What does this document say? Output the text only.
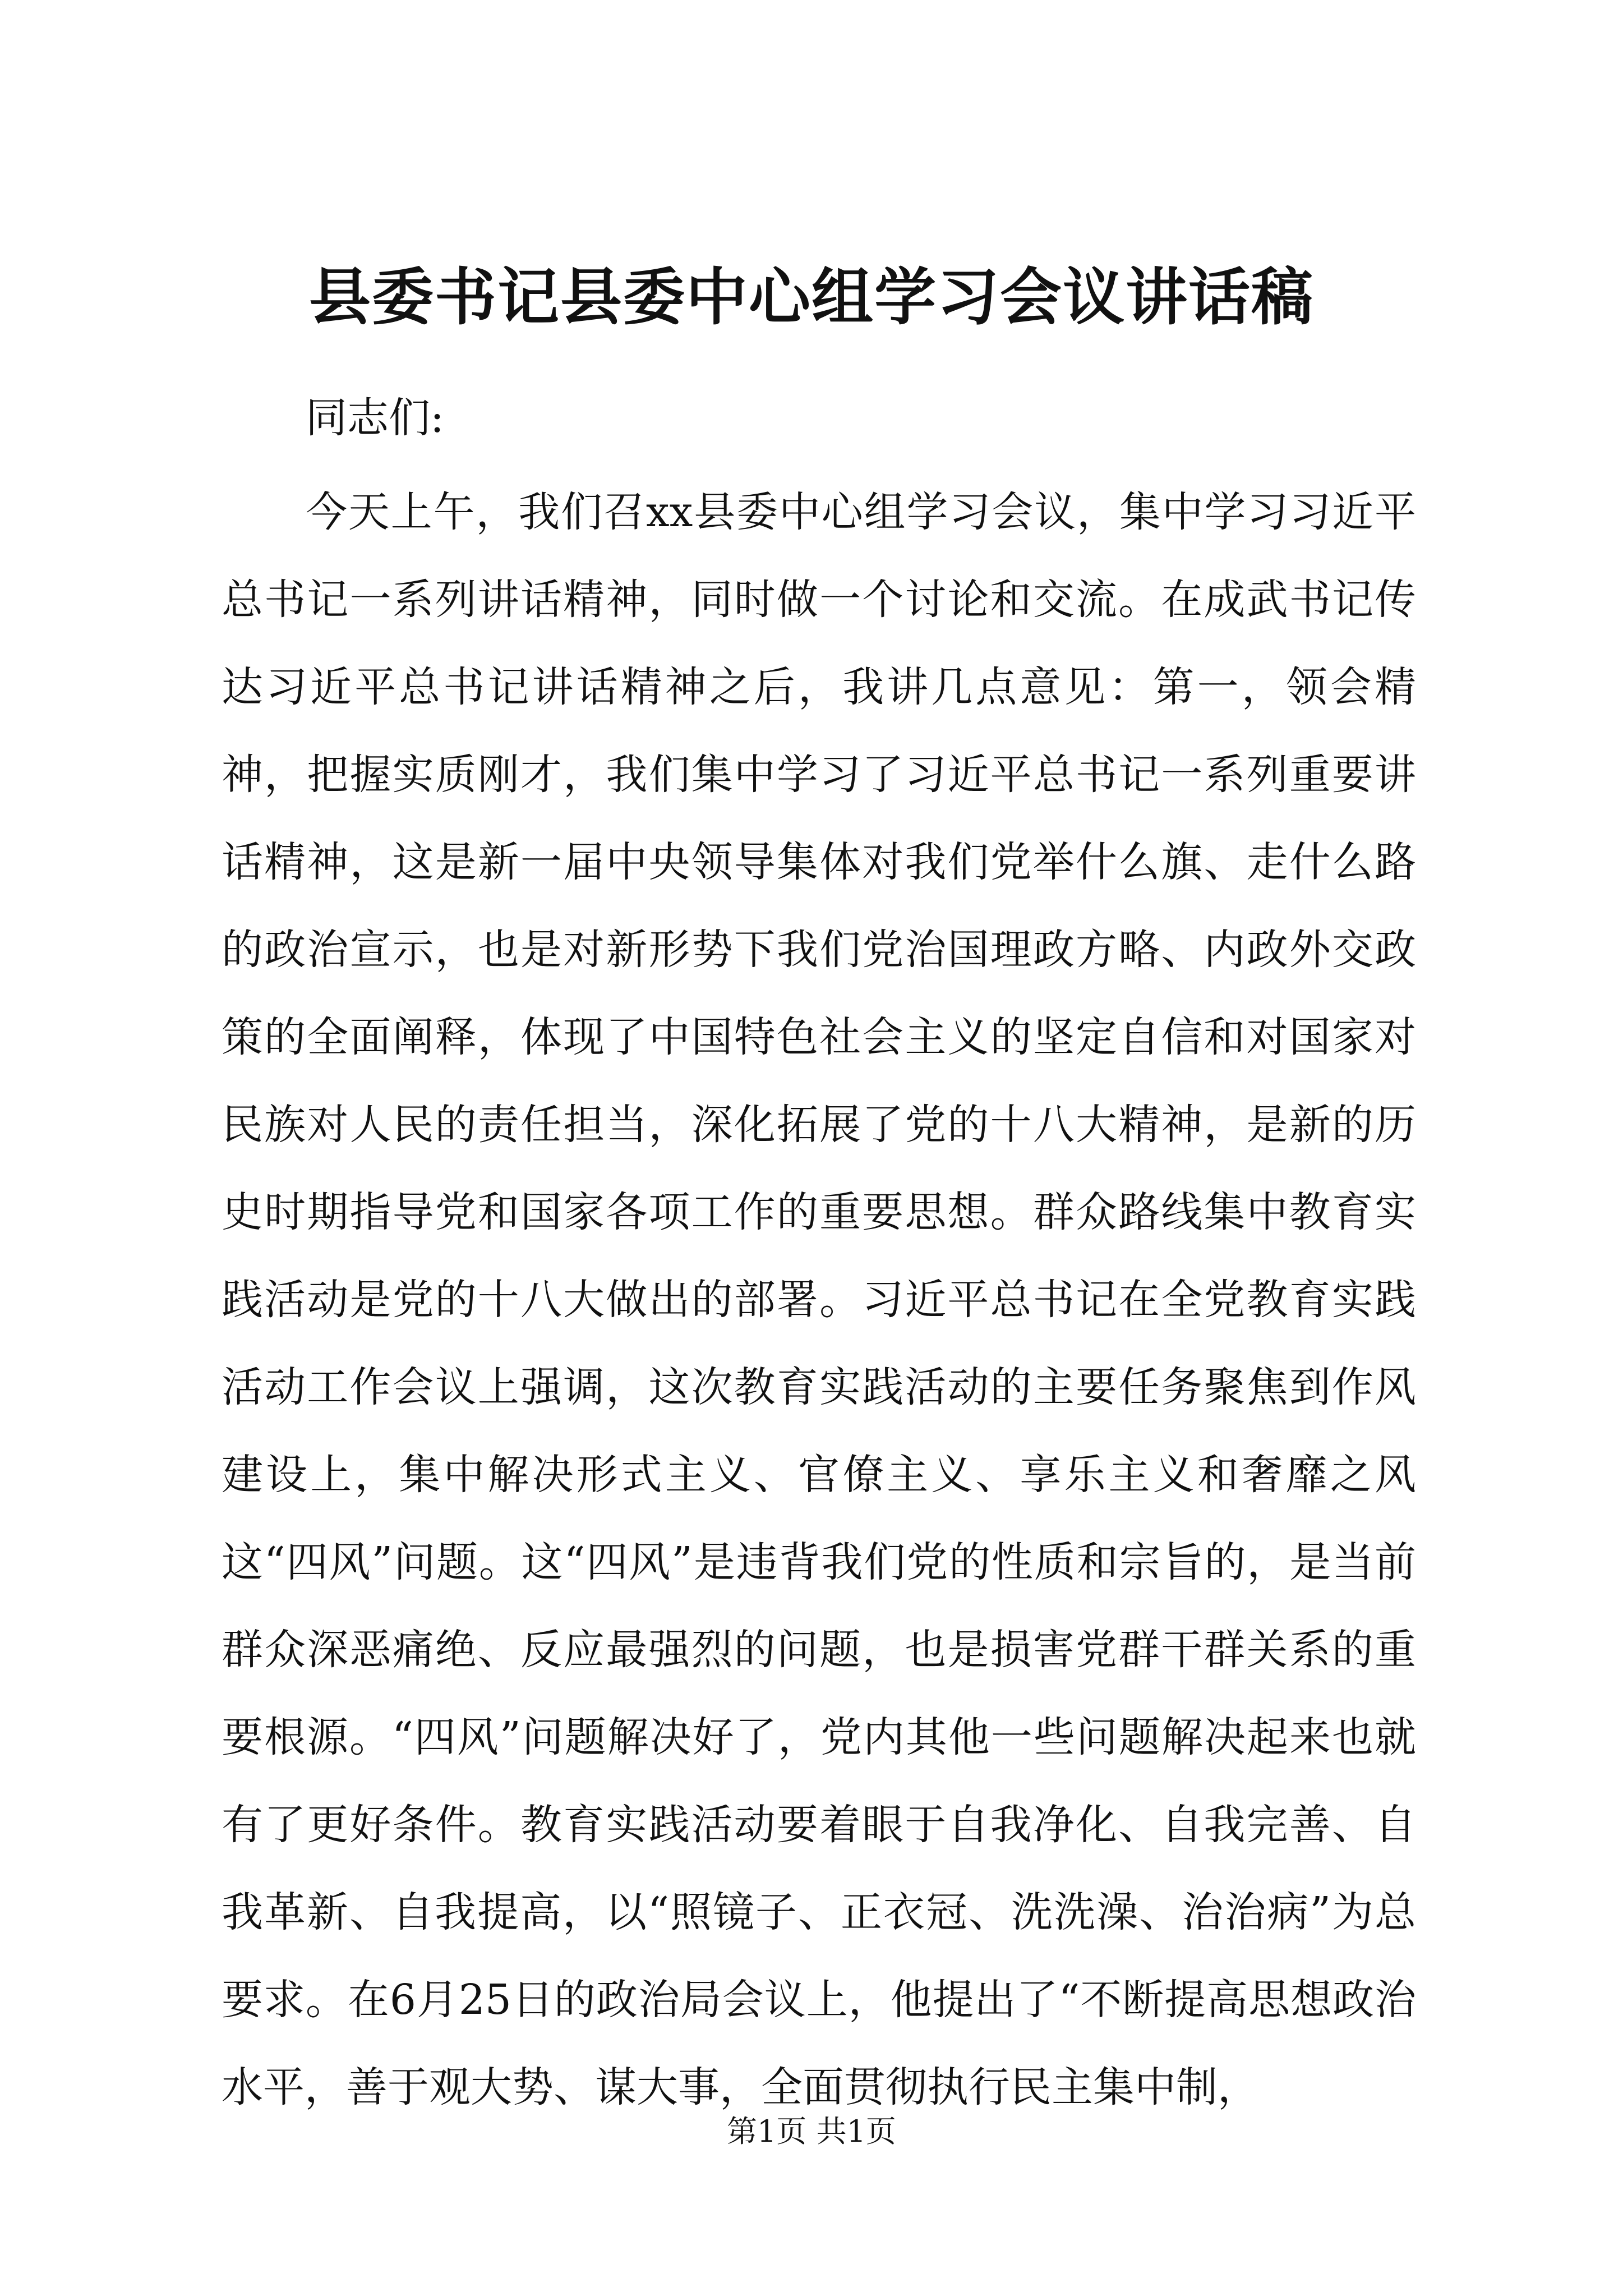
县委书记县委中心组学习会议讲话稿

同志们:

今天上午，我们召xx县委中心组学习会议，集中学习习近平总书记一系列讲话精神，同时做一个讨论和交流。在成武书记传达习近平总书记讲话精神之后，我讲几点意见：第一，领会精神，把握实质刚才，我们集中学习了习近平总书记一系列重要讲话精神，这是新一届中央领导集体对我们党举什么旗、走什么路的政治宣示，也是对新形势下我们党治国理政方略、内政外交政策的全面阐释，体现了中国特色社会主义的坚定自信和对国家对民族对人民的责任担当，深化拓展了党的十八大精神，是新的历史时期指导党和国家各项工作的重要思想。群众路线集中教育实践活动是党的十八大做出的部署。习近平总书记在全党教育实践活动工作会议上强调，这次教育实践活动的主要任务聚焦到作风建设上，集中解决形式主义、官僚主义、享乐主义和奢靡之风这“四风”问题。这“四风”是违背我们党的性质和宗旨的，是当前群众深恶痛绝、反应最强烈的问题，也是损害党群干群关系的重要根源。“四风”问题解决好了，党内其他一些问题解决起来也就有了更好条件。教育实践活动要着眼于自我净化、自我完善、自我革新、自我提高，以“照镜子、正衣冠、洗洗澡、治治病”为总要求。在6月25日的政治局会议上，他提出了“不断提高思想政治水平，善于观大势、谋大事，全面贯彻执行民主集中制，

第1页 共1页
